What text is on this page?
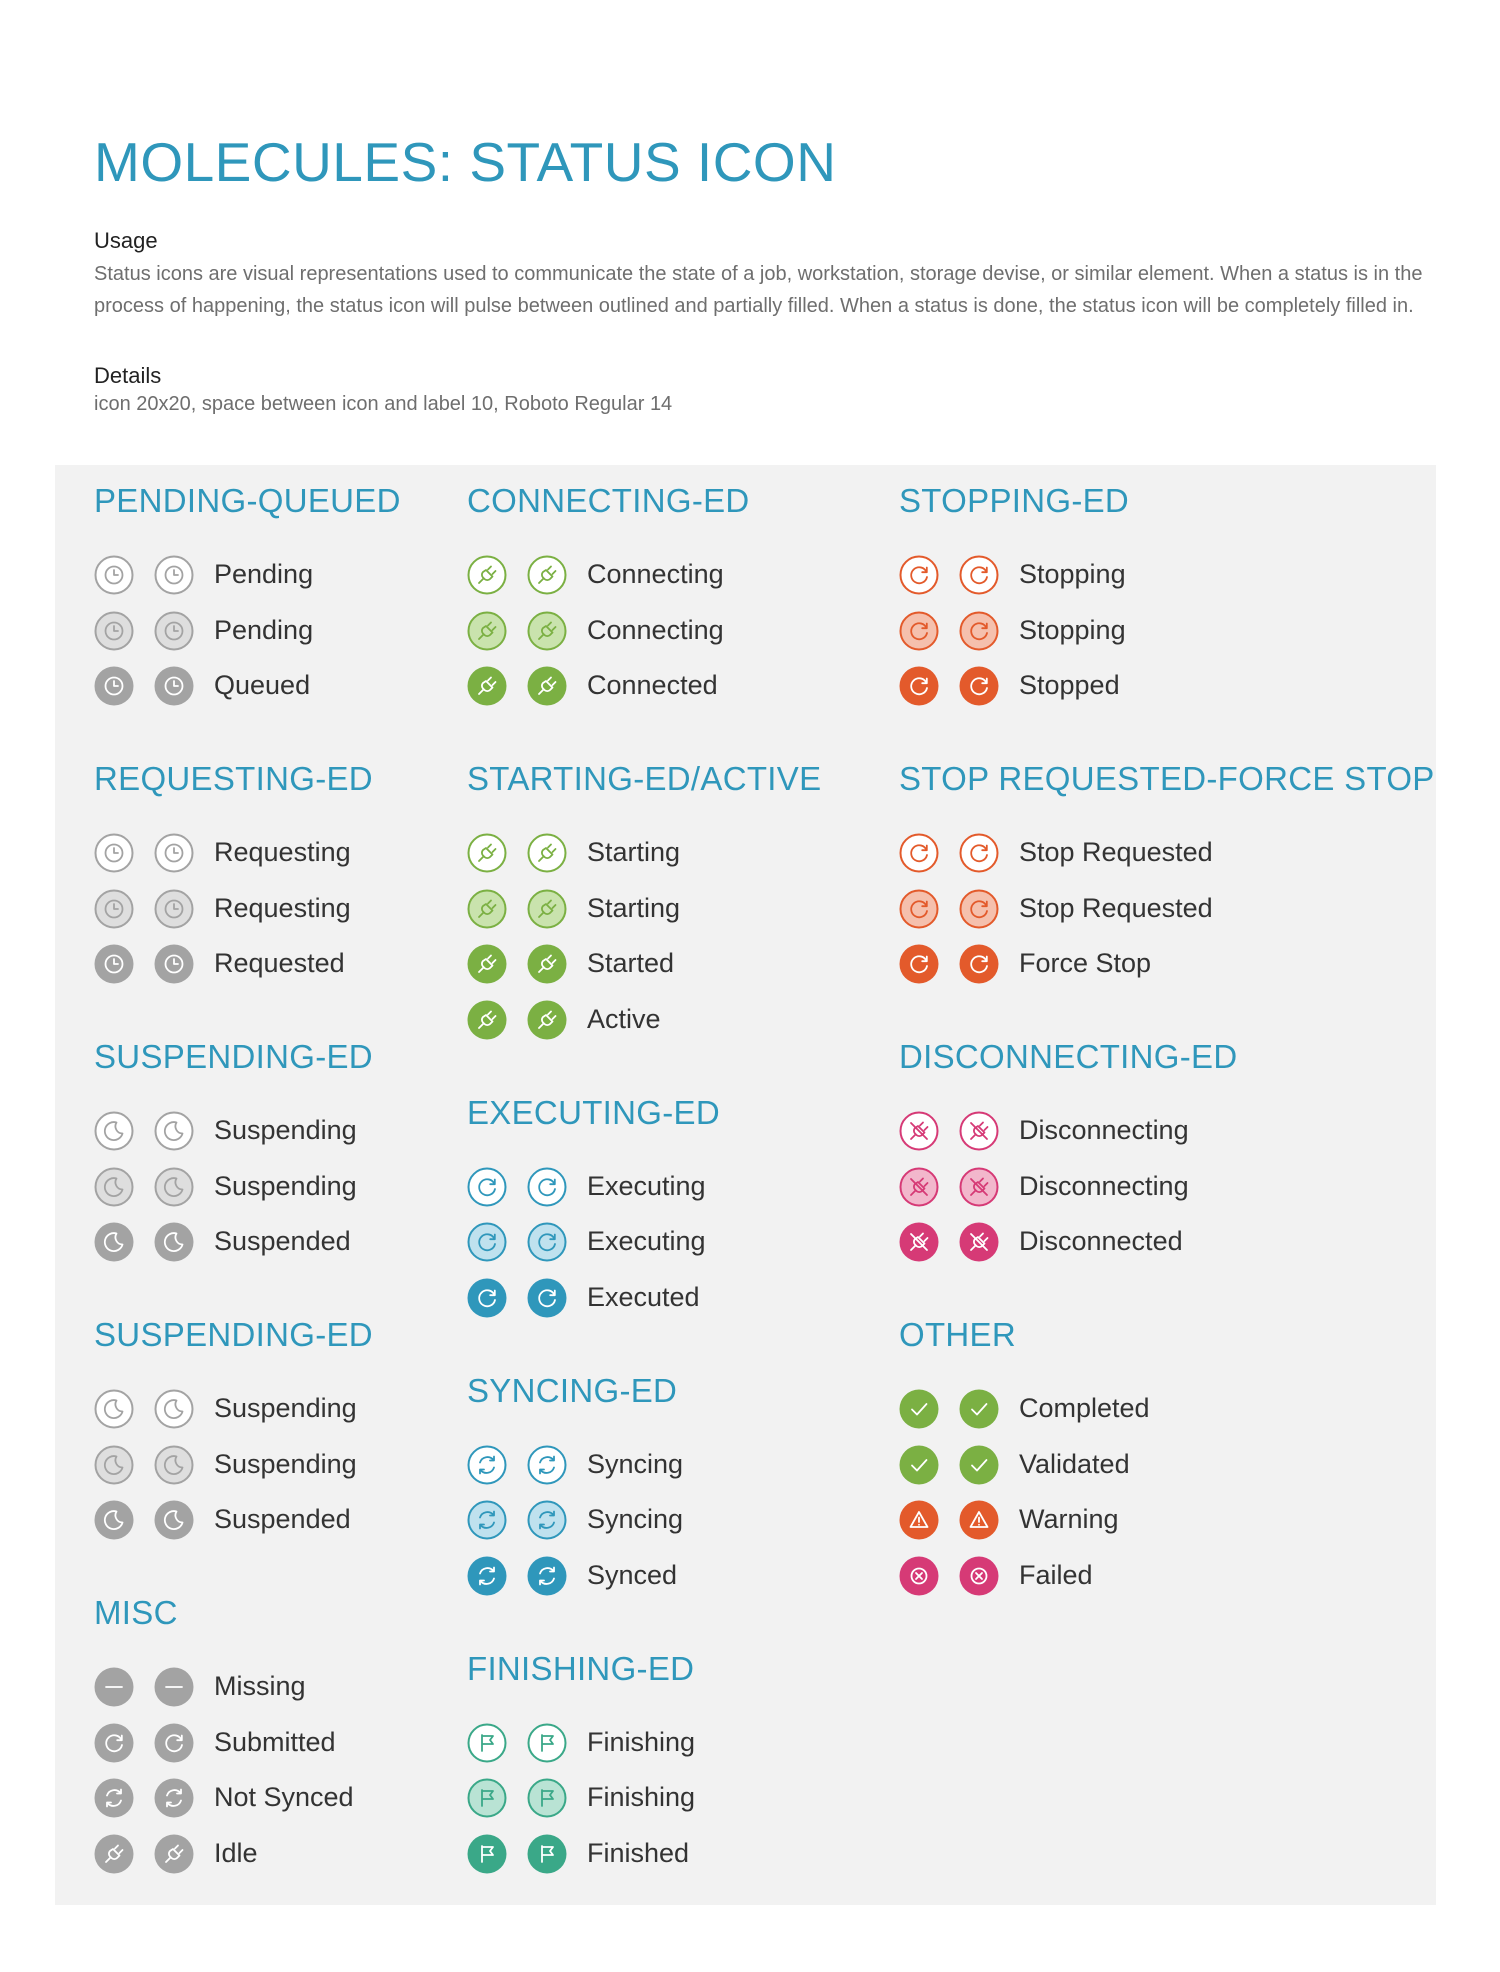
MOLECULES: STATUS ICON
Usage
Status icons are visual representations used to communicate the state of a job, workstation, storage devise, or similar element. When a status is in the process of happening, the status icon will pulse between outlined and partially filled. When a status is done, the status icon will be completely filled in.
Details
icon 20x20, space between icon and label 10, Roboto Regular 14
PENDING-QUEUED
Pending
Pending
Queued
REQUESTING-ED
Requesting
Requesting
Requested
SUSPENDING-ED
Suspending
Suspending
Suspended
SUSPENDING-ED
Suspending
Suspending
Suspended
MISC
Missing
Submitted
Not Synced
Idle
CONNECTING-ED
Connecting
Connecting
Connected
STARTING-ED/ACTIVE
Starting
Starting
Started
Active
EXECUTING-ED
Executing
Executing
Executed
SYNCING-ED
Syncing
Syncing
Synced
FINISHING-ED
Finishing
Finishing
Finished
STOPPING-ED
Stopping
Stopping
Stopped
STOP REQUESTED-FORCE STOP
Stop Requested
Stop Requested
Force Stop
DISCONNECTING-ED
Disconnecting
Disconnecting
Disconnected
OTHER
Completed
Validated
Warning
Failed
